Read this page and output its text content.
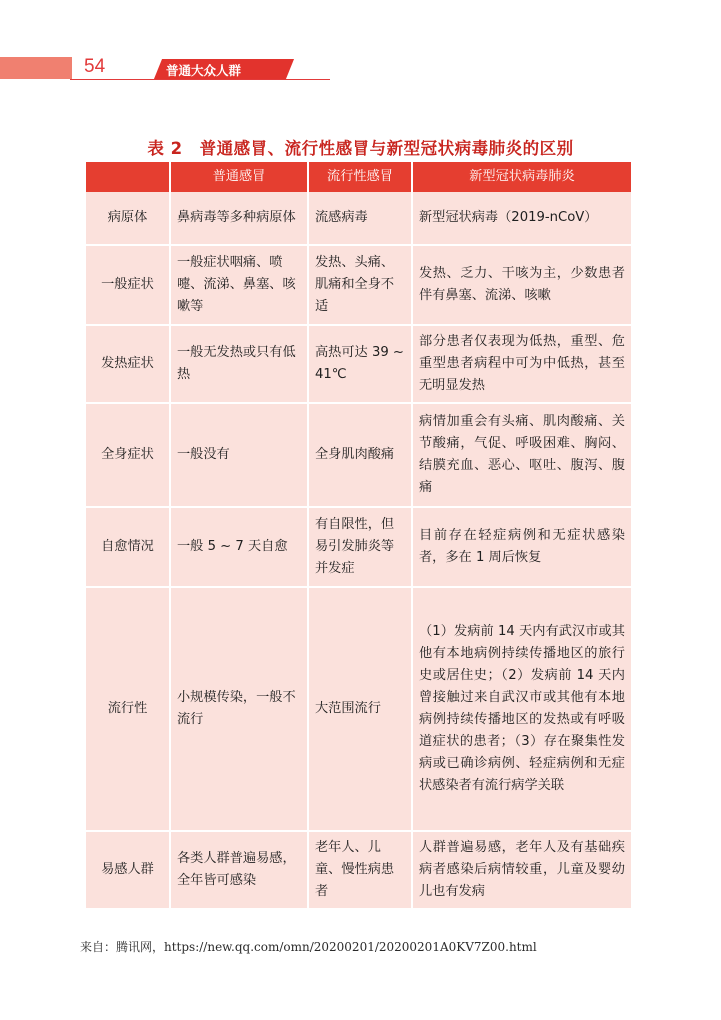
54	普通大众人群
表 2　普通感冒、流行性感冒与新型冠状病毒肺炎的区别
	普通感冒	流行性感冒	新型冠状病毒肺炎
病原体	鼻病毒等多种病原体	流感病毒	新型冠状病毒（2019-nCoV）
一般症状	一般症状咽痛、喷嚏、流涕、鼻塞、咳嗽等	发热、头痛、肌痛和全身不适	发热、乏力、干咳为主，少数患者伴有鼻塞、流涕、咳嗽
发热症状	一般无发热或只有低热	高热可达 39 ~ 41℃	部分患者仅表现为低热，重型、危重型患者病程中可为中低热，甚至无明显发热
全身症状	一般没有	全身肌肉酸痛	病情加重会有头痛、肌肉酸痛、关节酸痛，气促、呼吸困难、胸闷、结膜充血、恶心、呕吐、腹泻、腹痛
自愈情况	一般 5 ~ 7 天自愈	有自限性，但易引发肺炎等并发症	目前存在轻症病例和无症状感染者，多在 1 周后恢复
流行性	小规模传染，一般不流行	大范围流行	（1）发病前 14 天内有武汉市或其他有本地病例持续传播地区的旅行史或居住史；（2）发病前 14 天内曾接触过来自武汉市或其他有本地病例持续传播地区的发热或有呼吸道症状的患者；（3）存在聚集性发病或已确诊病例、轻症病例和无症状感染者有流行病学关联
易感人群	各类人群普遍易感，全年皆可感染	老年人、儿童、慢性病患者	人群普遍易感，老年人及有基础疾病者感染后病情较重，儿童及婴幼儿也有发病
来自：腾讯网，https://new.qq.com/omn/20200201/20200201A0KV7Z00.html
